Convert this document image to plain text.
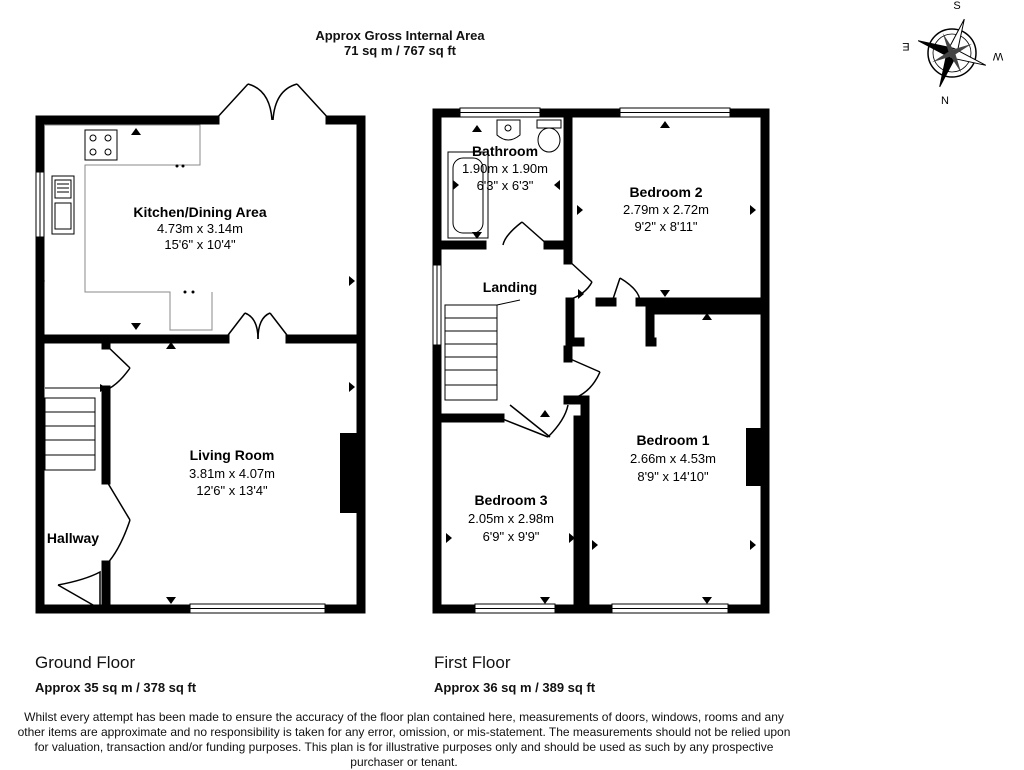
Approx Gross Internal Area
71 sq m / 767 sq ft
Kitchen/Dining Area
4.73m x 3.14m
15'6" x 10'4"
Living Room
3.81m x 4.07m
12'6" x 13'4"
Hallway
Bathroom
1.90m x 1.90m
6'3" x 6'3"	Bedroom 2
2.79m x 2.72m
9'2" x 8'11"
Landing
Bedroom 1
2.66m x 4.53m
8'9" x 14'10"
Bedroom 3
2.05m x 2.98m
6'9" x 9'9"
S
N
E
W
Ground Floor
Approx 35 sq m / 378 sq ft
First Floor
Approx 36 sq m / 389 sq ft
Whilst every attempt has been made to ensure the accuracy of the floor plan contained here, measurements of doors, windows, rooms and any other items are approximate and no responsibility is taken for any error, omission, or mis-statement. The measurements should not be relied upon for valuation, transaction and/or funding purposes. This plan is for illustrative purposes only and should be used as such by any prospective purchaser or tenant.
